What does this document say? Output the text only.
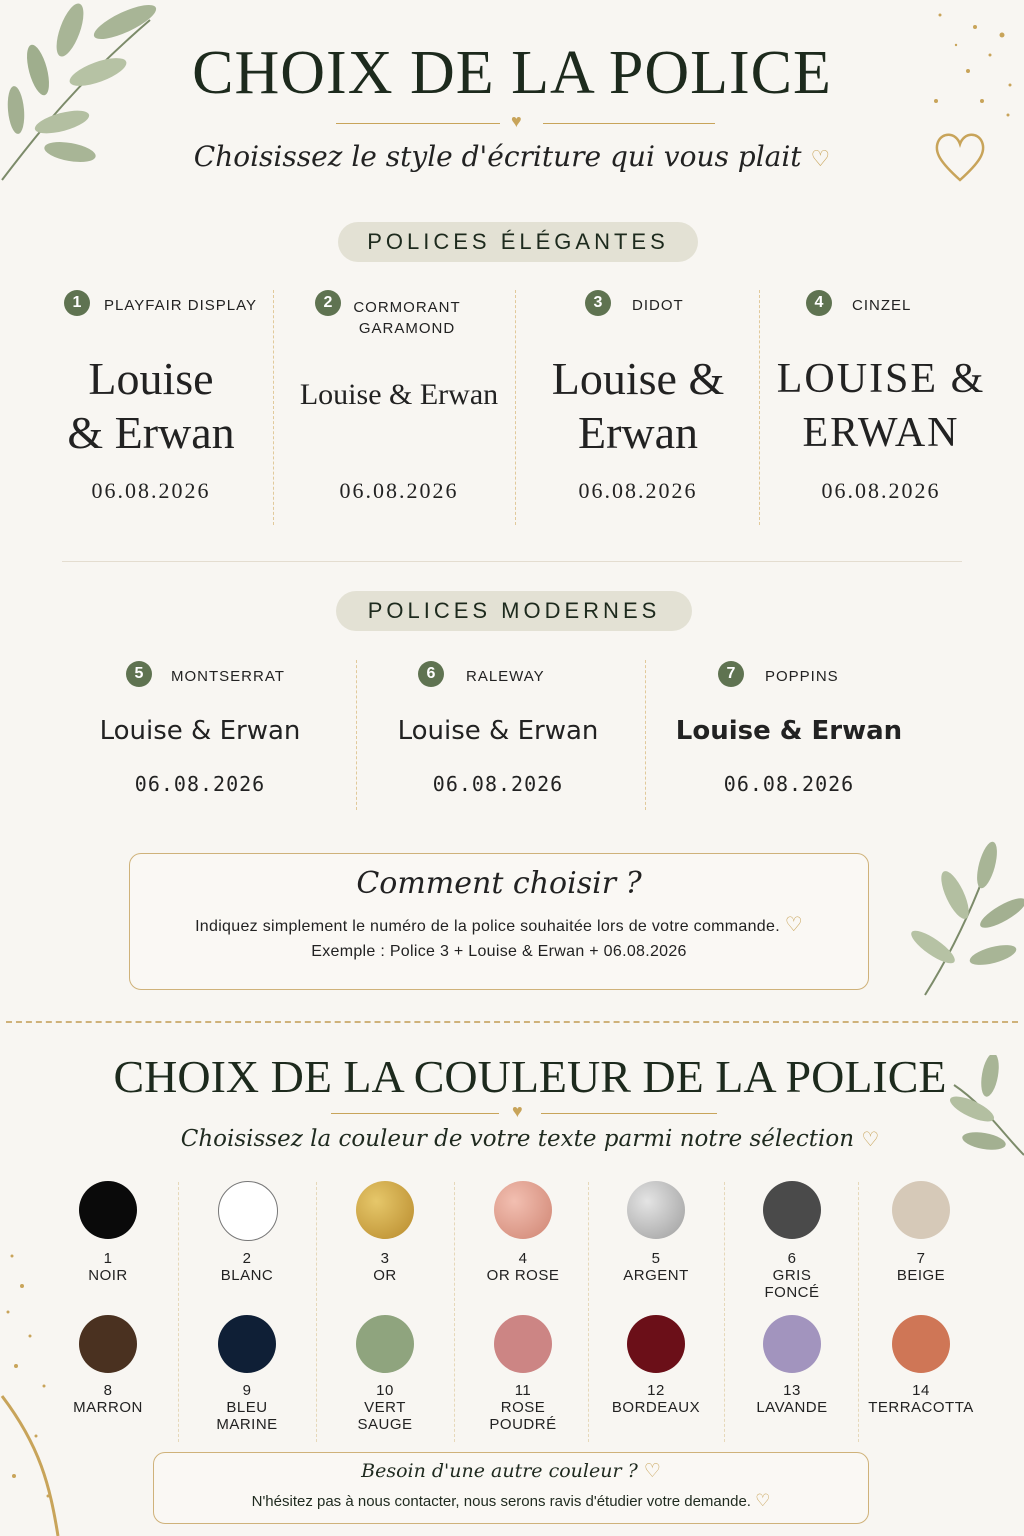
CHOIX DE LA POLICE
♥
Choisissez le style d'écriture qui vous plait ♡
POLICES ÉLÉGANTES
1	PLAYFAIR DISPLAY
Louise
& Erwan
06.08.2026
2	CORMORANT
GARAMOND
Louise & Erwan
06.08.2026
3	DIDOT
Louise &
Erwan
06.08.2026
4	CINZEL
LOUISE &
ERWAN
06.08.2026
POLICES MODERNES
5	MONTSERRAT
Louise & Erwan
06.08.2026
6	RALEWAY
Louise & Erwan
06.08.2026
7	POPPINS
Louise & Erwan
06.08.2026
Comment choisir ?
Indiquez simplement le numéro de la police souhaitée lors de votre commande. ♡
Exemple : Police 3 + Louise & Erwan + 06.08.2026
CHOIX DE LA COULEUR DE LA POLICE
♥
Choisissez la couleur de votre texte parmi notre sélection ♡
1
NOIR
2
BLANC
3
OR
4
OR ROSE
5
ARGENT
6
GRIS
FONCÉ
7
BEIGE
8
MARRON
9
BLEU
MARINE
10
VERT
SAUGE
11
ROSE
POUDRÉ
12
BORDEAUX
13
LAVANDE
14
TERRACOTTA
Besoin d'une autre couleur ? ♡
N'hésitez pas à nous contacter, nous serons ravis d'étudier votre demande. ♡
